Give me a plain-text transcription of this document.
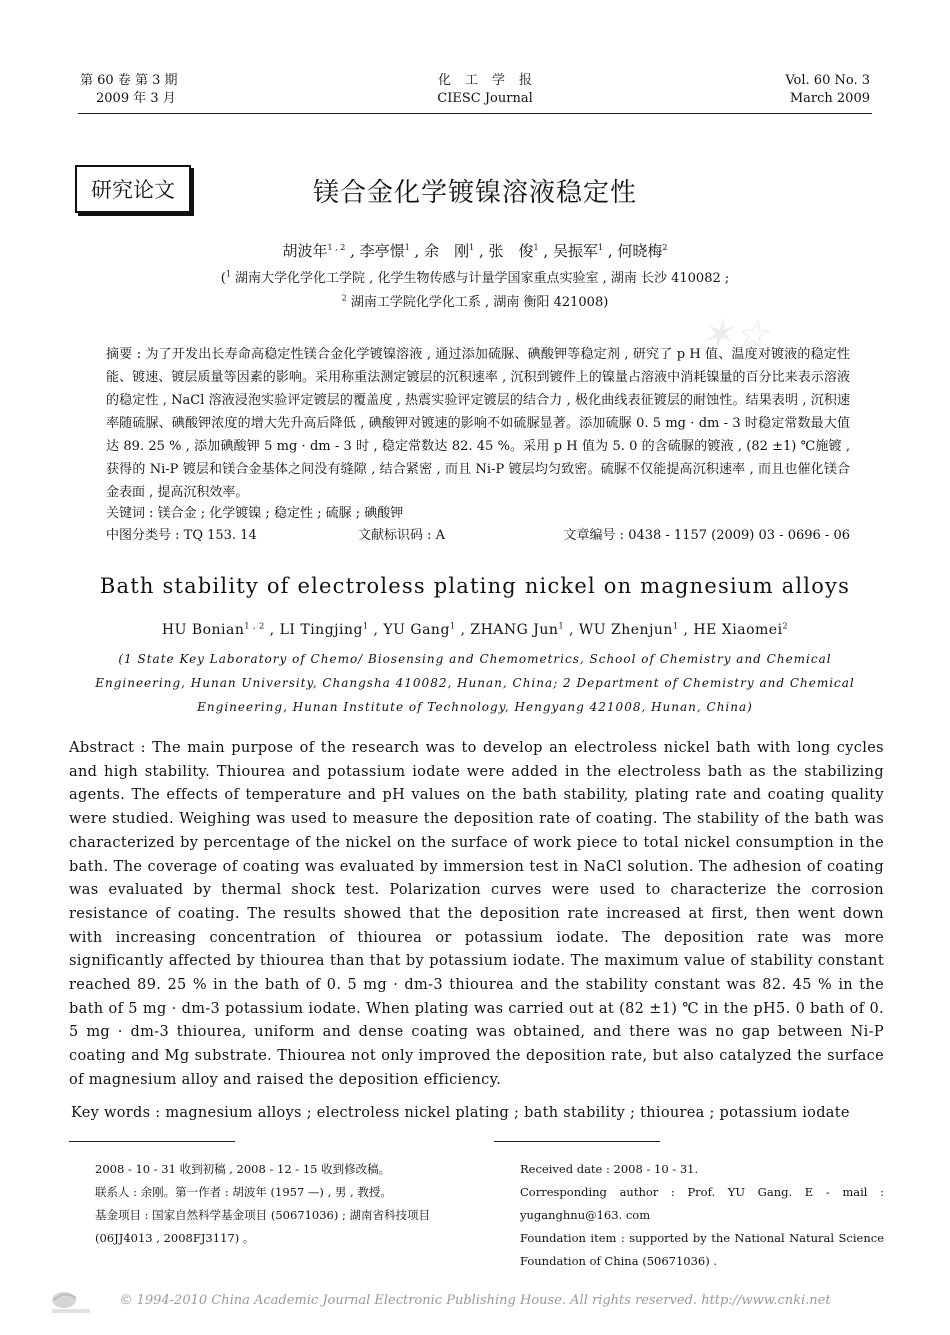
第 60 卷 第 3 期
2009 年 3 月
化工学报
CIESC Journal
Vol. 60 No. 3
March 2009
✶☆
研究论文	镁合金化学镀镍溶液稳定性
胡波年$^{1 , 2}$ , 李亭憬$^1$ , 余　刚$^1$ , 张　俊$^1$ , 吴振军$^1$ , 何晓梅$^2$
($^1$ 湖南大学化学化工学院 , 化学生物传感与计量学国家重点实验室 , 湖南 长沙 410082 ;
$^2$ 湖南工学院化学化工系 , 湖南 衡阳 421008)
摘要 : 为了开发出长寿命高稳定性镁合金化学镀镍溶液 , 通过添加硫脲、碘酸钾等稳定剂 , 研究了 p H 值、温度对镀液的稳定性能、镀速、镀层质量等因素的影响。采用称重法测定镀层的沉积速率 , 沉积到镀件上的镍量占溶液中消耗镍量的百分比来表示溶液的稳定性 , NaCl 溶液浸泡实验评定镀层的覆盖度 , 热震实验评定镀层的结合力 , 极化曲线表征镀层的耐蚀性。结果表明 , 沉积速率随硫脲、碘酸钾浓度的增大先升高后降低 , 碘酸钾对镀速的影响不如硫脲显著。添加硫脲 0. 5 mg · dm - 3 时稳定常数最大值达 89. 25 % , 添加碘酸钾 5 mg · dm - 3 时 , 稳定常数达 82. 45 %。采用 p H 值为 5. 0 的含硫脲的镀液 , (82 ±1) ℃施镀 , 获得的 Ni-P 镀层和镁合金基体之间没有缝隙 , 结合紧密 , 而且 Ni-P 镀层均匀致密。硫脲不仅能提高沉积速率 , 而且也催化镁合金表面 , 提高沉积效率。
关键词 : 镁合金 ; 化学镀镍 ; 稳定性 ; 硫脲 ; 碘酸钾
中图分类号 : TQ 153. 14	文献标识码 : A	文章编号 : 0438 - 1157 (2009) 03 - 0696 - 06
Bath stability of electroless plating nickel on magnesium alloys
HU Bonian$^{1 , 2}$ , LI Tingjing$^1$ , YU Gang$^1$ , ZHANG Jun$^1$ , WU Zhenjun$^1$ , HE Xiaomei$^2$
(1 State Key Laboratory of Chemo/ Biosensing and Chemometrics, School of Chemistry and Chemical Engineering, Hunan University, Changsha 410082, Hunan, China; 2 Department of Chemistry and Chemical Engineering, Hunan Institute of Technology, Hengyang 421008, Hunan, China)
Abstract : The main purpose of the research was to develop an electroless nickel bath with long cycles and high stability. Thiourea and potassium iodate were added in the electroless bath as the stabilizing agents. The effects of temperature and pH values on the bath stability, plating rate and coating quality were studied. Weighing was used to measure the deposition rate of coating. The stability of the bath was characterized by percentage of the nickel on the surface of work piece to total nickel consumption in the bath. The coverage of coating was evaluated by immersion test in NaCl solution. The adhesion of coating was evaluated by thermal shock test. Polarization curves were used to characterize the corrosion resistance of coating. The results showed that the deposition rate increased at first, then went down with increasing concentration of thiourea or potassium iodate. The deposition rate was more significantly affected by thiourea than that by potassium iodate. The maximum value of stability constant reached 89. 25 % in the bath of 0. 5 mg · dm-3 thiourea and the stability constant was 82. 45 % in the bath of 5 mg · dm-3 potassium iodate. When plating was carried out at (82 ±1) ℃ in the pH5. 0 bath of 0. 5 mg · dm-3 thiourea, uniform and dense coating was obtained, and there was no gap between Ni-P coating and Mg substrate. Thiourea not only improved the deposition rate, but also catalyzed the surface of magnesium alloy and raised the deposition efficiency.
Key words : magnesium alloys ; electroless nickel plating ; bath stability ; thiourea ; potassium iodate
2008 - 10 - 31 收到初稿 , 2008 - 12 - 15 收到修改稿。
联系人 : 余刚。第一作者 : 胡波年 (1957 —) , 男 , 教授。
基金项目 : 国家自然科学基金项目 (50671036) ; 湖南省科技项目 (06JJ4013 , 2008FJ3117) 。
Received date : 2008 - 10 - 31.
Corresponding author : Prof. YU Gang. E - mail : yuganghnu@163. com
Foundation item : supported by the National Natural Science Foundation of China (50671036) .
© 1994-2010 China Academic Journal Electronic Publishing House. All rights reserved. http://www.cnki.net
